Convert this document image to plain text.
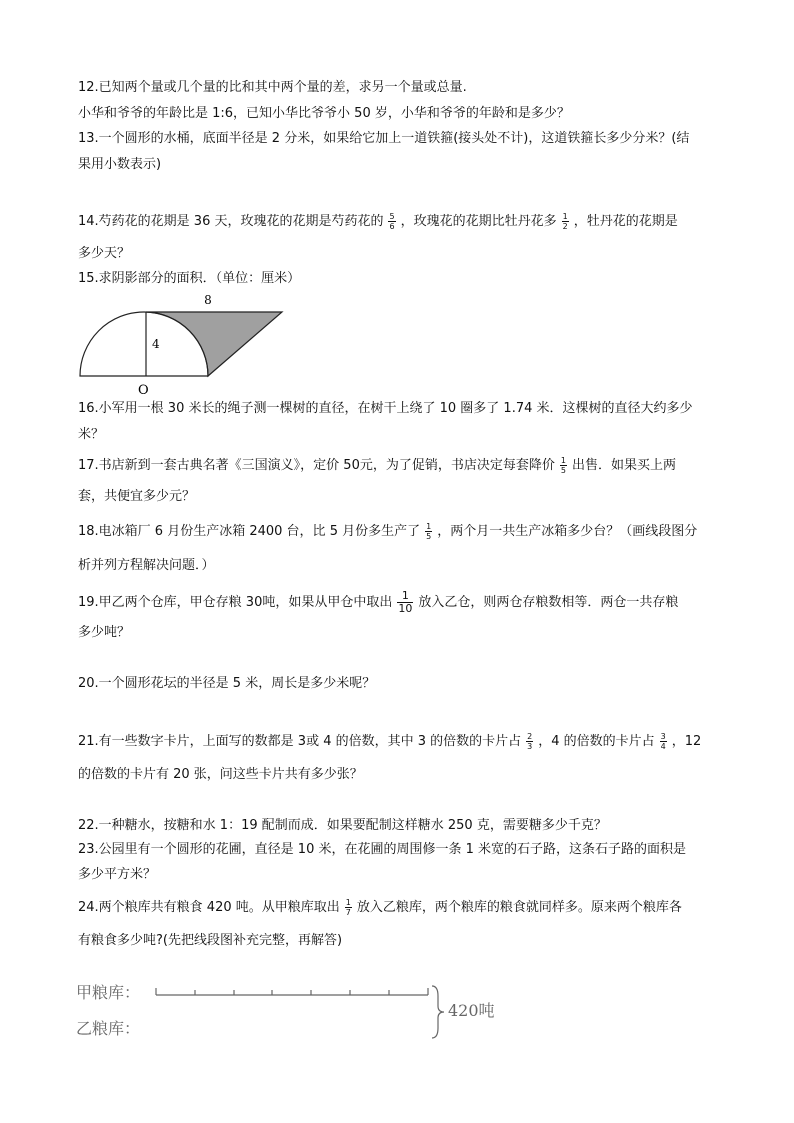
12.已知两个量或几个量的比和其中两个量的差，求另一个量或总量.
小华和爷爷的年龄比是 1:6，已知小华比爷爷小 50 岁，小华和爷爷的年龄和是多少？
13.一个圆形的水桶，底面半径是 2 分米，如果给它加上一道铁箍(接头处不计)，这道铁箍长多少分米？(结
果用小数表示)
14.芍药花的花期是 36 天，玫瑰花的花期是芍药花的 $\frac{5}{6}$ ，玫瑰花的花期比牡丹花多 $\frac{1}{2}$ ，牡丹花的花期是
多少天？
15.求阴影部分的面积．（单位：厘米）
8
4
O
16.小军用一根 30 米长的绳子测一棵树的直径，在树干上绕了 10 圈多了 1.74 米．这棵树的直径大约多少
米？
17.书店新到一套古典名著《三国演义》，定价 50元，为了促销，书店决定每套降价 $\frac{1}{5}$ 出售．如果买上两
套，共便宜多少元？
18.电冰箱厂 6 月份生产冰箱 2400 台，比 5 月份多生产了 $\frac{1}{5}$ ，两个月一共生产冰箱多少台？（画线段图分
析并列方程解决问题．）
19.甲乙两个仓库，甲仓存粮 30吨，如果从甲仓中取出 $\frac{1}{10}$ 放入乙仓，则两仓存粮数相等．两仓一共存粮
多少吨？
20.一个圆形花坛的半径是 5 米，周长是多少米呢？
21.有一些数字卡片，上面写的数都是 3或 4 的倍数，其中 3 的倍数的卡片占 $\frac{2}{3}$ ，4 的倍数的卡片占 $\frac{3}{4}$ ，12
的倍数的卡片有 20 张，问这些卡片共有多少张？
22.一种糖水，按糖和水 1：19 配制而成．如果要配制这样糖水 250 克，需要糖多少千克？
23.公园里有一个圆形的花圃，直径是 10 米，在花圃的周围修一条 1 米宽的石子路，这条石子路的面积是
多少平方米？
24.两个粮库共有粮食 420 吨。从甲粮库取出 $\frac{1}{7}$ 放入乙粮库，两个粮库的粮食就同样多。原来两个粮库各
有粮食多少吨?(先把线段图补充完整，再解答)
甲粮库：
乙粮库：
420吨
